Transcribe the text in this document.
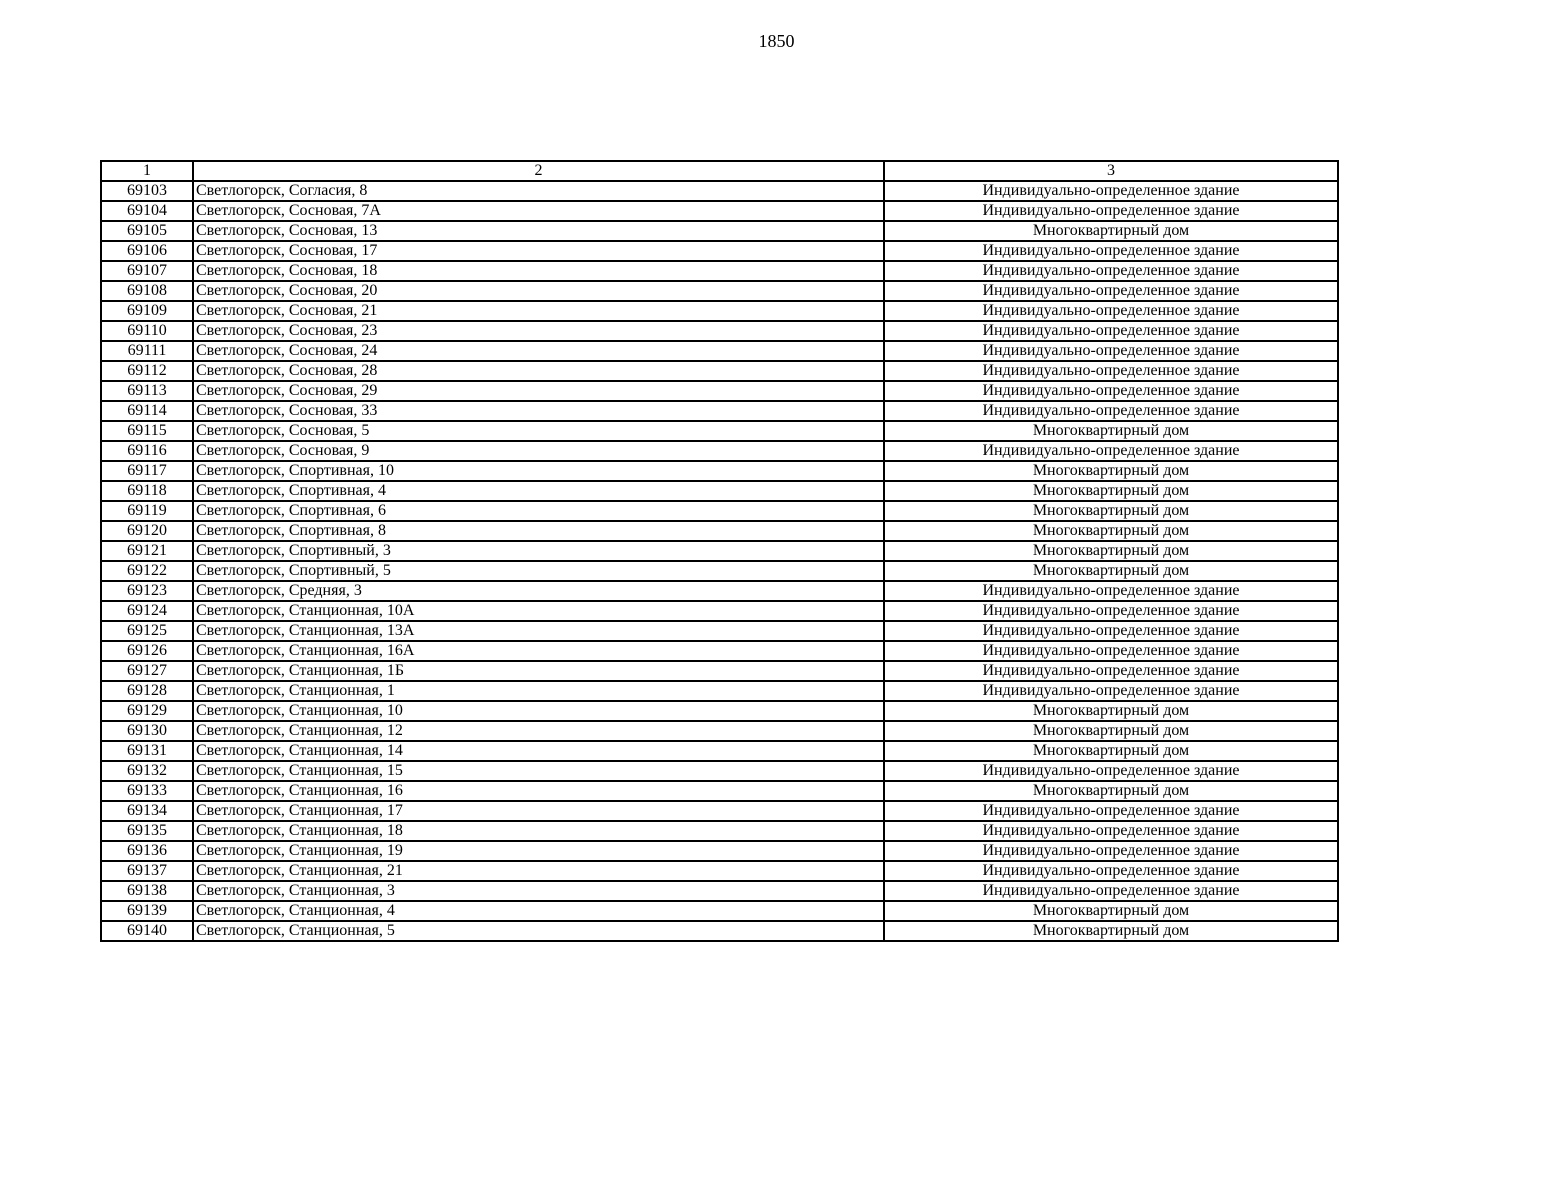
1850
1	2	3
69103	Светлогорск, Согласия, 8	Индивидуально-определенное здание
69104	Светлогорск, Сосновая, 7А	Индивидуально-определенное здание
69105	Светлогорск, Сосновая, 13	Многоквартирный дом
69106	Светлогорск, Сосновая, 17	Индивидуально-определенное здание
69107	Светлогорск, Сосновая, 18	Индивидуально-определенное здание
69108	Светлогорск, Сосновая, 20	Индивидуально-определенное здание
69109	Светлогорск, Сосновая, 21	Индивидуально-определенное здание
69110	Светлогорск, Сосновая, 23	Индивидуально-определенное здание
69111	Светлогорск, Сосновая, 24	Индивидуально-определенное здание
69112	Светлогорск, Сосновая, 28	Индивидуально-определенное здание
69113	Светлогорск, Сосновая, 29	Индивидуально-определенное здание
69114	Светлогорск, Сосновая, 33	Индивидуально-определенное здание
69115	Светлогорск, Сосновая, 5	Многоквартирный дом
69116	Светлогорск, Сосновая, 9	Индивидуально-определенное здание
69117	Светлогорск, Спортивная, 10	Многоквартирный дом
69118	Светлогорск, Спортивная, 4	Многоквартирный дом
69119	Светлогорск, Спортивная, 6	Многоквартирный дом
69120	Светлогорск, Спортивная, 8	Многоквартирный дом
69121	Светлогорск, Спортивный, 3	Многоквартирный дом
69122	Светлогорск, Спортивный, 5	Многоквартирный дом
69123	Светлогорск, Средняя, 3	Индивидуально-определенное здание
69124	Светлогорск, Станционная, 10А	Индивидуально-определенное здание
69125	Светлогорск, Станционная, 13А	Индивидуально-определенное здание
69126	Светлогорск, Станционная, 16А	Индивидуально-определенное здание
69127	Светлогорск, Станционная, 1Б	Индивидуально-определенное здание
69128	Светлогорск, Станционная, 1	Индивидуально-определенное здание
69129	Светлогорск, Станционная, 10	Многоквартирный дом
69130	Светлогорск, Станционная, 12	Многоквартирный дом
69131	Светлогорск, Станционная, 14	Многоквартирный дом
69132	Светлогорск, Станционная, 15	Индивидуально-определенное здание
69133	Светлогорск, Станционная, 16	Многоквартирный дом
69134	Светлогорск, Станционная, 17	Индивидуально-определенное здание
69135	Светлогорск, Станционная, 18	Индивидуально-определенное здание
69136	Светлогорск, Станционная, 19	Индивидуально-определенное здание
69137	Светлогорск, Станционная, 21	Индивидуально-определенное здание
69138	Светлогорск, Станционная, 3	Индивидуально-определенное здание
69139	Светлогорск, Станционная, 4	Многоквартирный дом
69140	Светлогорск, Станционная, 5	Многоквартирный дом
